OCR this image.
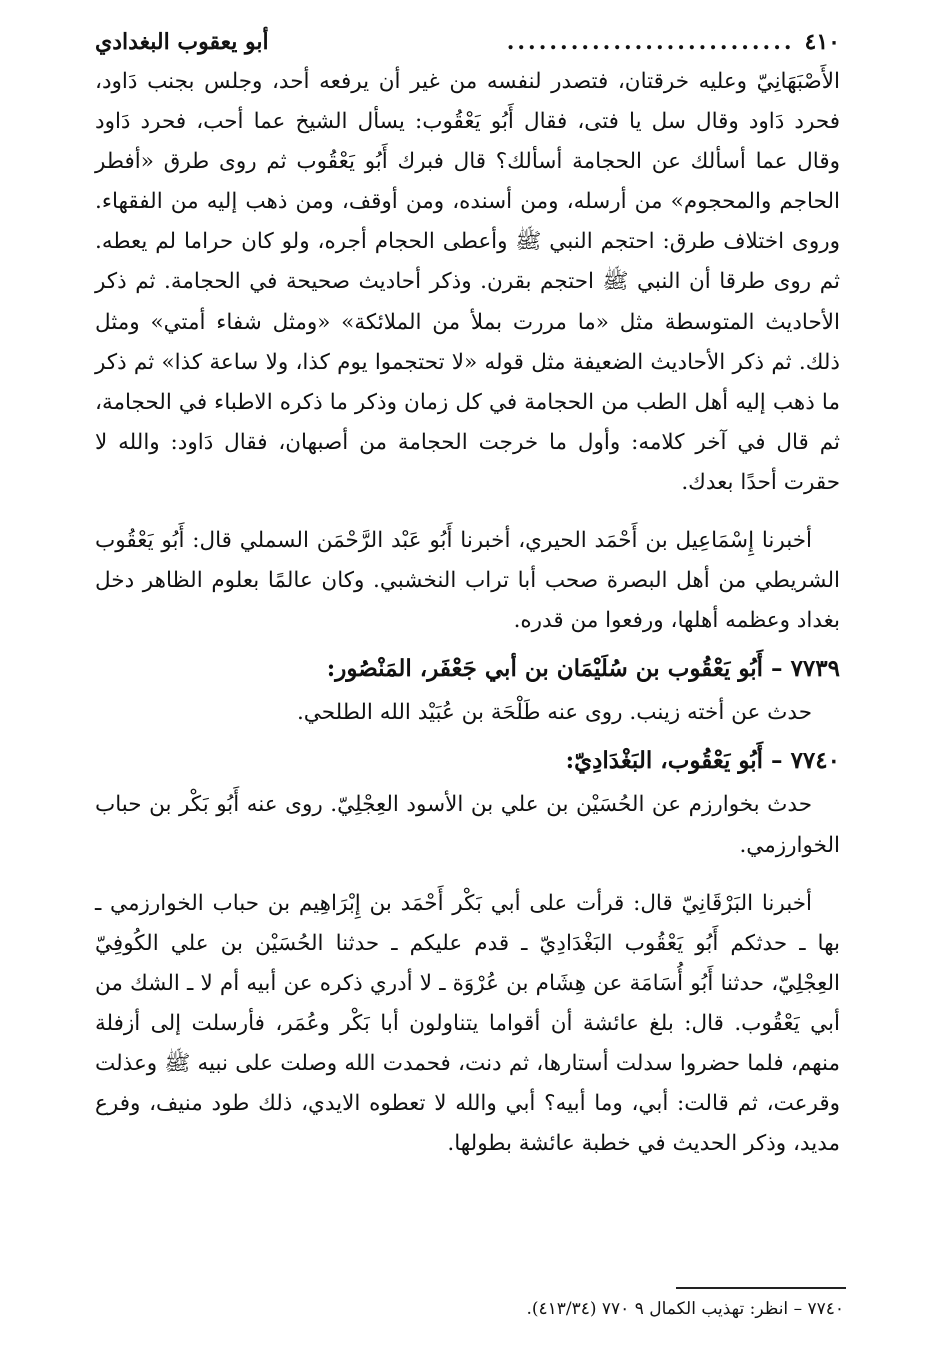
٤١٠
...........................
أبو يعقوب البغدادي

الأَصْبَهَانِيّ وعليه خرقتان، فتصدر لنفسه من غير أن يرفعه أحد، وجلس بجنب دَاود، فحرد دَاود وقال سل يا فتى، فقال أَبُو يَعْقُوب: يسأل الشيخ عما أحب، فحرد دَاود وقال عما أسألك عن الحجامة أسألك؟ قال فبرك أَبُو يَعْقُوب ثم روى طرق «أفطر الحاجم والمحجوم» من أرسله، ومن أسنده، ومن أوقف، ومن ذهب إليه من الفقهاء. وروى اختلاف طرق: احتجم النبي ﷺ وأعطى الحجام أجره، ولو كان حراما لم يعطه. ثم روى طرقا أن النبي ﷺ احتجم بقرن. وذكر أحاديث صحيحة في الحجامة. ثم ذكر الأحاديث المتوسطة مثل «ما مررت بملأ من الملائكة» «ومثل شفاء أمتي» ومثل ذلك. ثم ذكر الأحاديث الضعيفة مثل قوله «لا تحتجموا يوم كذا، ولا ساعة كذا» ثم ذكر ما ذهب إليه أهل الطب من الحجامة في كل زمان وذكر ما ذكره الاطباء في الحجامة، ثم قال في آخر كلامه: وأول ما خرجت الحجامة من أصبهان، فقال دَاود: والله لا حقرت أحدًا بعدك.

أخبرنا إِسْمَاعِيل بن أَحْمَد الحيري، أخبرنا أَبُو عَبْد الرَّحْمَن السملي قال: أَبُو يَعْقُوب الشريطي من أهل البصرة صحب أبا تراب النخشبي. وكان عالمًا بعلوم الظاهر دخل بغداد وعظمه أهلها، ورفعوا من قدره.

٧٧٣٩ – أَبُو يَعْقُوب بن سُلَيْمَان بن أبي جَعْفَر، المَنْصُور:

حدث عن أخته زينب. روى عنه طَلْحَة بن عُبَيْد الله الطلحي.

٧٧٤٠ – أَبُو يَعْقُوب، البَغْدَادِيّ:

حدث بخوارزم عن الحُسَيْن بن علي بن الأسود العِجْلِيّ. روى عنه أَبُو بَكْر بن حباب الخوارزمي.

أخبرنا البَرْقَانِيّ قال: قرأت على أبي بَكْر أَحْمَد بن إِبْرَاهِيم بن حباب الخوارزمي ـ بها ـ حدثكم أَبُو يَعْقُوب البَغْدَادِيّ ـ قدم عليكم ـ حدثنا الحُسَيْن بن علي الكُوفِيّ العِجْلِيّ، حدثنا أَبُو أُسَامَة عن هِشَام بن عُرْوَة ـ لا أدري ذكره عن أبيه أم لا ـ الشك من أبي يَعْقُوب. قال: بلغ عائشة أن أقواما يتناولون أبا بَكْر وعُمَر، فأرسلت إلى أزفلة منهم، فلما حضروا سدلت أستارها، ثم دنت، فحمدت الله وصلت على نبيه ﷺ وعذلت وقرعت، ثم قالت: أبي، وما أبيه؟ أبي والله لا تعطوه الايدي، ذلك طود منيف، وفرع مديد، وذكر الحديث في خطبة عائشة بطولها.

٧٧٤٠ – انظر: تهذيب الكمال ٩ ٧٧٠ (٤١٣/٣٤).
